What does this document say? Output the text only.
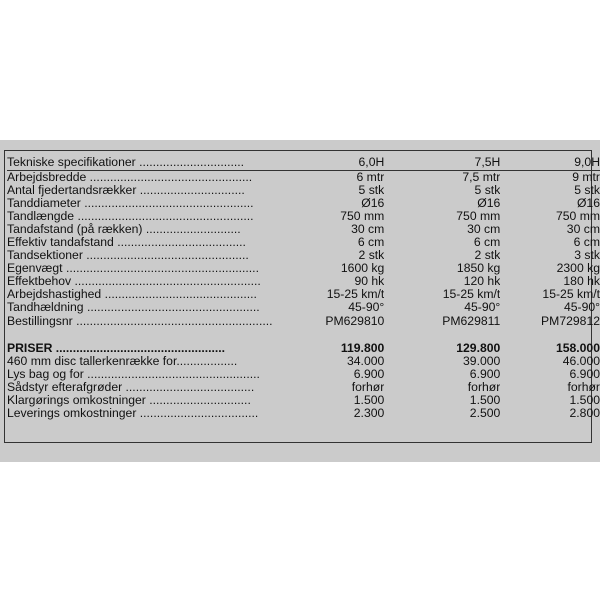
Tekniske specifikationer ...............................	6,0H	7,5H	9,0H
Arbejdsbredde ................................................	6 mtr	7,5 mtr	9 mtr
Antal fjedertandsrækker ...............................	5 stk	5 stk	5 stk
Tanddiameter ..................................................	Ø16	Ø16	Ø16
Tandlængde ....................................................	750 mm	750 mm	750 mm
Tandafstand (på rækken) ............................	30 cm	30 cm	30 cm
Effektiv tandafstand ......................................	6 cm	6 cm	6 cm
Tandsektioner ................................................	2 stk	2 stk	3 stk
Egenvægt .........................................................	1600 kg	1850 kg	2300 kg
Effektbehov .......................................................	90 hk	120 hk	180 hk
Arbejdshastighed .............................................	15-25 km/t	15-25 km/t	15-25 km/t
Tandhældning ...................................................	45-90°	45-90°	45-90°
Bestillingsnr ..........................................................	PM629810	PM629811	PM729812

PRISER ..................................................	119.800	129.800	158.000
460 mm disc tallerkenrække for..................	34.000	39.000	46.000
Lys bag og for ...................................................	6.900	6.900	6.900
Sådstyr efterafgrøder ......................................	forhør	forhør	forhør
Klargørings omkostninger ..............................	1.500	1.500	1.500
Leverings omkostninger ...................................	2.300	2.500	2.800
